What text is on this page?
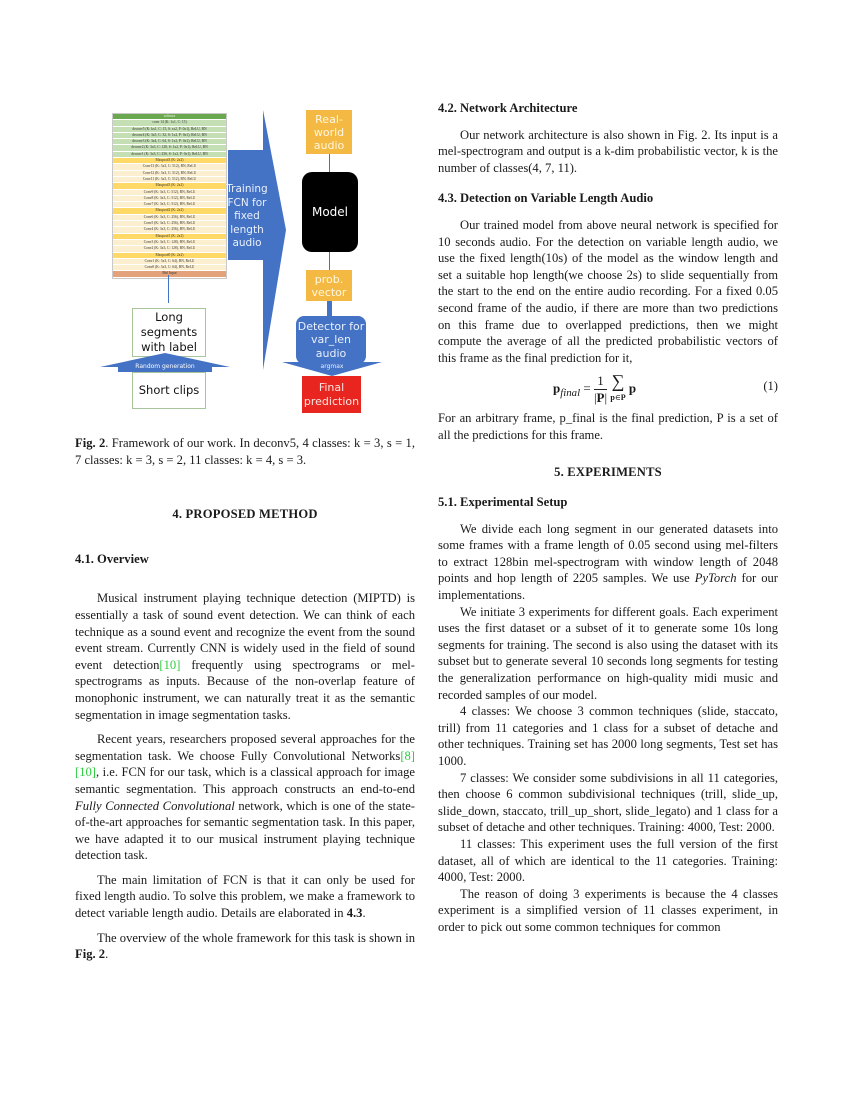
softmax
conv 14 (K: 1x1, C: 15)
deconv5 (K: kx1, C: 15, S: sx2, P: 0x1), ReLU, BN
deconv4 (K: 3x5, C: 32, S: 1x2, P: 0x1), ReLU, BN
deconv3 (K: 3x4, C: 64, S: 1x2, P: 0x1), ReLU, BN
deconv2 (K: 3x3, C: 128, S: 1x2, P: 0x1), ReLU, BN
deconv1 (K: 3x3, C: 256, S: 1x2, P: 0x1), ReLU, BN
Maxpool3 (K: 2x2)
Conv13 (K: 3x3, C: 512), BN, ReLU
Conv12 (K: 3x3, C: 512), BN, ReLU
Conv11 (K: 3x3, C: 512), BN, ReLU
Maxpool3 (K: 2x2)
Conv9 (K: 3x3, C: 512), BN, ReLU
Conv8 (K: 3x3, C: 512), BN, ReLU
Conv7 (K: 3x3, C: 512), BN, ReLU
Maxpool2 (K: 2x2)
Conv6 (K: 3x3, C: 256), BN, ReLU
Conv5 (K: 3x3, C: 256), BN, ReLU
Conv4 (K: 3x3, C: 256), BN, ReLU
Maxpool1 (K: 2x2)
Conv3 (K: 3x3, C: 128), BN, ReLU
Conv2 (K: 3x3, C: 128), BN, ReLU
Maxpool0 (K: 2x2)
Conv1 (K: 3x3, C: 64), BN, ReLU
Conv0 (K: 3x3, C: 64), BN, ReLU
Mel Input
Long segments with label
Random generation
Short clips
Training FCN for fixed length audio
Real-world audio
Model
prob. vector
Detector for var_len audio
argmax
Final prediction

Fig. 2. Framework of our work. In deconv5, 4 classes: k = 3, s = 1, 7 classes: k = 3, s = 2, 11 classes: k = 4, s = 3.

4. PROPOSED METHOD
4.1. Overview

Musical instrument playing technique detection (MIPTD) is essentially a task of sound event detection. We can think of each technique as a sound event and recognize the event from the sound event stream. Currently CNN is widely used in the field of sound event detection[10] frequently using spectrograms or mel-spectrograms as inputs. Because of the non-overlap feature of monophonic instrument, we can naturally treat it as the semantic segmentation in image segmentation tasks.

Recent years, researchers proposed several approaches for the segmentation task. We choose Fully Convolutional Networks[8][10], i.e. FCN for our task, which is a classical approach for image semantic segmentation. This approach constructs an end-to-end Fully Connected Convolutional network, which is one of the state-of-the-art approaches for semantic segmentation task. In this paper, we have adapted it to our musical instrument playing technique detection task.

The main limitation of FCN is that it can only be used for fixed length audio. To solve this problem, we make a framework to detect variable length audio. Details are elaborated in 4.3.

The overview of the whole framework for this task is shown in Fig. 2.

4.2. Network Architecture

Our network architecture is also shown in Fig. 2. Its input is a mel-spectrogram and output is a k-dim probabilistic vector, k is the number of classes(4, 7, 11).

4.3. Detection on Variable Length Audio

Our trained model from above neural network is specified for 10 seconds audio. For the detection on variable length audio, we use the fixed length(10s) of the model as the window length and set a suitable hop length(we choose 2s) to slide sequentially from the start to the end on the entire audio recording. For a fixed 0.05 second frame of the audio, if there are more than two predictions on this frame due to overlapped predictions, then we might compute the average of all the predicted probabilistic vectors of this frame as the final prediction for it,

$p_{final} = \frac{1}{|P|}$
∑
p∈P
p	(1)

For an arbitrary frame, p_final is the final prediction, P is a set of all the predictions for this frame.

5. EXPERIMENTS
5.1. Experimental Setup

We divide each long segment in our generated datasets into some frames with a frame length of 0.05 second using mel-filters to extract 128bin mel-spectrogram with window length of 2048 points and hop length of 2205 samples. We use PyTorch for our implementations.

We initiate 3 experiments for different goals. Each experiment uses the first dataset or a subset of it to generate some 10s long segments for training. The second is also using the dataset with its subset but to generate several 10 seconds long segments for testing the generalization performance on high-quality midi music and recorded samples of our model.

4 classes: We choose 3 common techniques (slide, staccato, trill) from 11 categories and 1 class for a subset of detache and other techniques. Training set has 2000 long segments, Test set has 1000.

7 classes: We consider some subdivisions in all 11 categories, then choose 6 common subdivisional techniques (trill, slide_up, slide_down, staccato, trill_up_short, slide_legato) and 1 class for a subset of detache and other techniques. Training: 4000, Test: 2000.

11 classes: This experiment uses the full version of the first dataset, all of which are identical to the 11 categories. Training: 4000, Test: 2000.

The reason of doing 3 experiments is because the 4 classes experiment is a simplified version of 11 classes experiment, in order to pick out some common techniques for common
